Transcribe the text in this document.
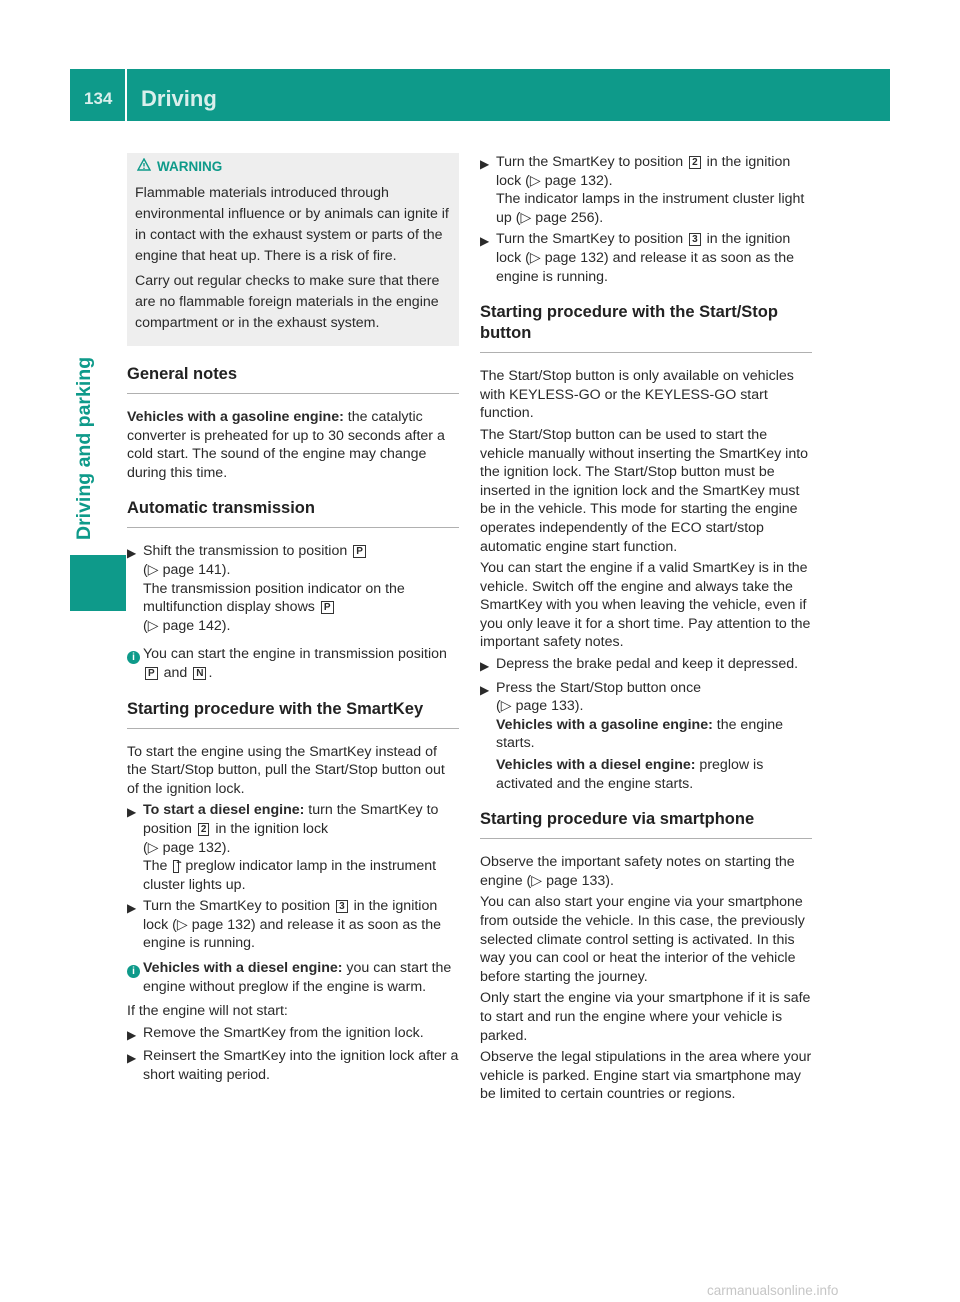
134 Driving
Driving and parking
WARNING

Flammable materials introduced through environmental influence or by animals can ignite if in contact with the exhaust system or parts of the engine that heat up. There is a risk of fire.

Carry out regular checks to make sure that there are no flammable foreign materials in the engine compartment or in the exhaust system.

General notes

Vehicles with a gasoline engine: the catalytic converter is preheated for up to 30 seconds after a cold start. The sound of the engine may change during this time.

Automatic transmission
▶ Shift the transmission to position P
(▷ page 141).
The transmission position indicator on the multifunction display shows P
(▷ page 142).
i You can start the engine in transmission position P and N .
Starting procedure with the SmartKey

To start the engine using the SmartKey instead of the Start/Stop button, pull the Start/Stop button out of the ignition lock.

▶ To start a diesel engine: turn the SmartKey to position 2 in the ignition lock
(▷ page 132).
The  preglow indicator lamp in the instrument cluster lights up.
▶ Turn the SmartKey to position 3 in the ignition lock (▷ page 132) and release it as soon as the engine is running.
i Vehicles with a diesel engine: you can start the engine without preglow if the engine is warm.

If the engine will not start:

▶ Remove the SmartKey from the ignition lock.
▶ Reinsert the SmartKey into the ignition lock after a short waiting period.
▶ Turn the SmartKey to position 2 in the ignition lock (▷ page 132).
The indicator lamps in the instrument cluster light up (▷ page 256).
▶ Turn the SmartKey to position 3 in the ignition lock (▷ page 132) and release it as soon as the engine is running.
Starting procedure with the Start/Stop button

The Start/Stop button is only available on vehicles with KEYLESS-GO or the KEYLESS-GO start function.

The Start/Stop button can be used to start the vehicle manually without inserting the SmartKey into the ignition lock. The Start/Stop button must be inserted in the ignition lock and the SmartKey must be in the vehicle. This mode for starting the engine operates independently of the ECO start/stop automatic engine start function.

You can start the engine if a valid SmartKey is in the vehicle. Switch off the engine and always take the SmartKey with you when leaving the vehicle, even if you only leave it for a short time. Pay attention to the important safety notes.

▶ Depress the brake pedal and keep it depressed.
▶ Press the Start/Stop button once
(▷ page 133).
Vehicles with a gasoline engine: the engine starts.
Vehicles with a diesel engine: preglow is activated and the engine starts.
Starting procedure via smartphone

Observe the important safety notes on starting the engine (▷ page 133).

You can also start your engine via your smartphone from outside the vehicle. In this case, the previously selected climate control setting is activated. In this way you can cool or heat the interior of the vehicle before starting the journey.

Only start the engine via your smartphone if it is safe to start and run the engine where your vehicle is parked.

Observe the legal stipulations in the area where your vehicle is parked. Engine start via smartphone may be limited to certain countries or regions.

carmanualsonline.info
